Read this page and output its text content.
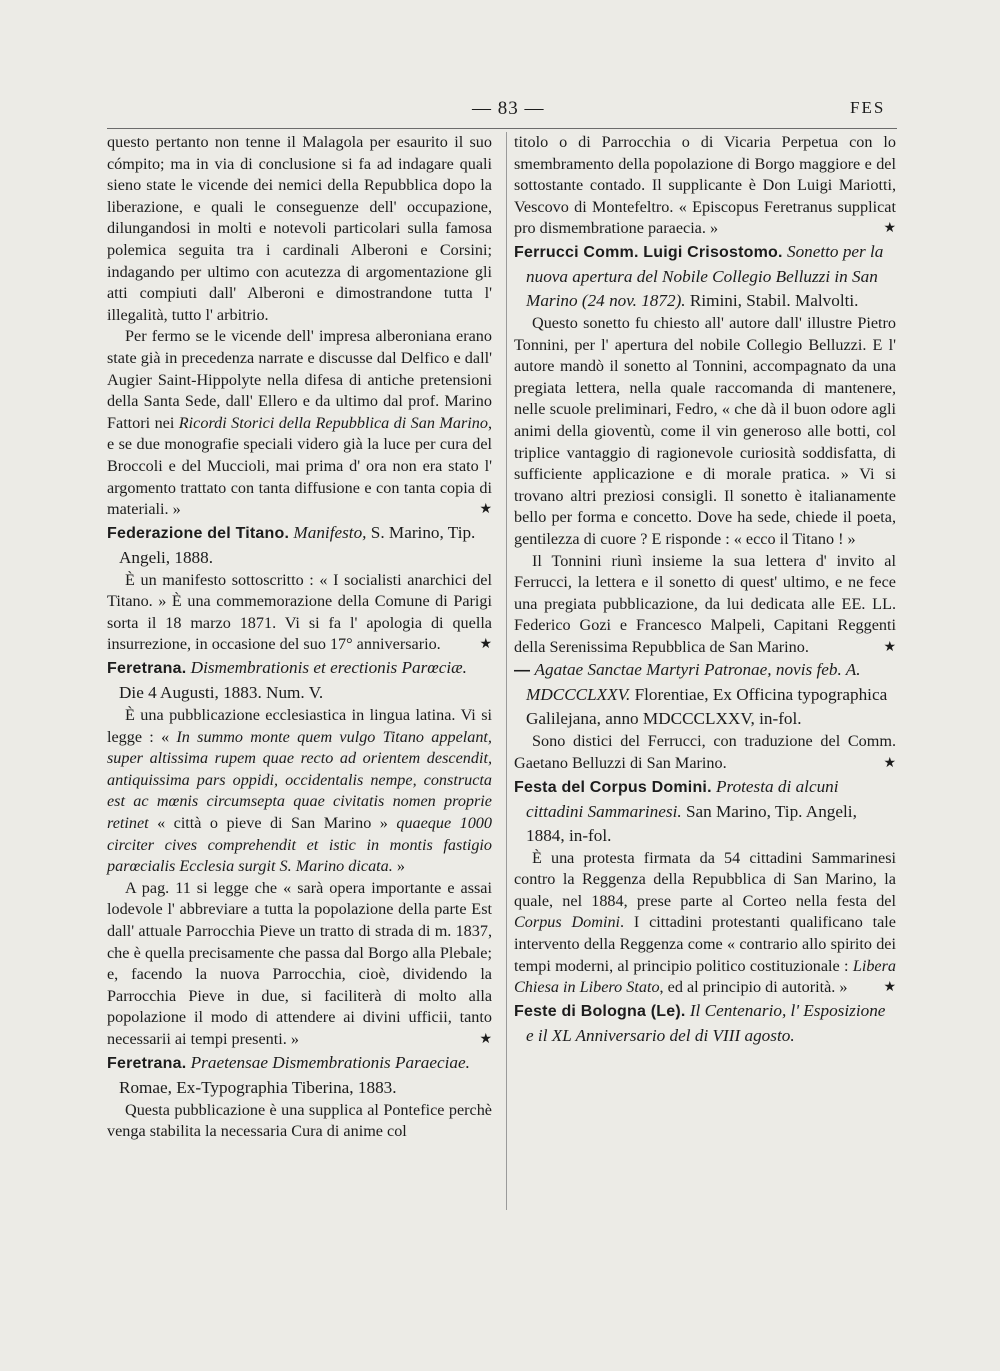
— 83 —	FES

questo pertanto non tenne il Malagola per esaurito il suo cómpito; ma in via di conclusione si fa ad indagare quali sieno state le vicende dei nemici della Repubblica dopo la liberazione, e quali le conseguenze dell' occupazione, dilungandosi in molti e notevoli particolari sulla famosa polemica seguita tra i cardinali Alberoni e Corsini; indagando per ultimo con acutezza di argomentazione gli atti compiuti dall' Alberoni e dimostrandone tutta l' illegalità, tutto l' arbitrio.

Per fermo se le vicende dell' impresa alberoniana erano state già in precedenza narrate e discusse dal Delfico e dall' Augier Saint-Hippolyte nella difesa di antiche pretensioni della Santa Sede, dall' Ellero e da ultimo dal prof. Marino Fattori nei Ricordi Storici della Repubblica di San Marino, e se due monografie speciali videro già la luce per cura del Broccoli e del Muccioli, mai prima d' ora non era stato l' argomento trattato con tanta diffusione e con tanta copia di materiali. »	★

Federazione del Titano. Manifesto, S. Marino, Tip. Angeli, 1888.

È un manifesto sottoscritto : « I socialisti anarchici del Titano. » È una commemorazione della Comune di Parigi sorta il 18 marzo 1871. Vi si fa l' apologia di quella insurrezione, in occasione del suo 17° anniversario.	★

Feretrana. Dismembrationis et erectionis Parœciæ. Die 4 Augusti, 1883. Num. V.

È una pubblicazione ecclesiastica in lingua latina. Vi si legge : « In summo monte quem vulgo Titano appelant, super altissima rupem quae recto ad orientem descendit, antiquissima pars oppidi, occidentalis nempe, constructa est ac mœnis circumsepta quae civitatis nomen proprie retinet « città o pieve di San Marino » quaeque 1000 circiter cives comprehendit et istic in montis fastigio parœcialis Ecclesia surgit S. Marino dicata. »

A pag. 11 si legge che « sarà opera importante e assai lodevole l' abbreviare a tutta la popolazione della parte Est dall' attuale Parrocchia Pieve un tratto di strada di m. 1837, che è quella precisamente che passa dal Borgo alla Plebale; e, facendo la nuova Parrocchia, cioè, dividendo la Parrocchia Pieve in due, si faciliterà di molto alla popolazione il modo di attendere ai divini ufficii, tanto necessarii ai tempi presenti. »	★

Feretrana. Praetensae Dismembrationis Paraeciae. Romae, Ex-Typographia Tiberina, 1883.

Questa pubblicazione è una supplica al Pontefice perchè venga stabilita la necessaria Cura di anime col

titolo o di Parrocchia o di Vicaria Perpetua con lo smembramento della popolazione di Borgo maggiore e del sottostante contado. Il supplicante è Don Luigi Mariotti, Vescovo di Montefeltro. « Episcopus Feretranus supplicat pro dismembratione paraecia. »	★

Ferrucci Comm. Luigi Crisostomo. Sonetto per la nuova apertura del Nobile Collegio Belluzzi in San Marino (24 nov. 1872). Rimini, Stabil. Malvolti.

Questo sonetto fu chiesto all' autore dall' illustre Pietro Tonnini, per l' apertura del nobile Collegio Belluzzi. E l' autore mandò il sonetto al Tonnini, accompagnato da una pregiata lettera, nella quale raccomanda di mantenere, nelle scuole preliminari, Fedro, « che dà il buon odore agli animi della gioventù, come il vin generoso alle botti, col triplice vantaggio di ragionevole curiosità soddisfatta, di sufficiente applicazione e di morale pratica. » Vi si trovano altri preziosi consigli. Il sonetto è italianamente bello per forma e concetto. Dove ha sede, chiede il poeta, gentilezza di cuore ? E risponde : « ecco il Titano ! »

Il Tonnini riunì insieme la sua lettera d' invito al Ferrucci, la lettera e il sonetto di quest' ultimo, e ne fece una pregiata pubblicazione, da lui dedicata alle EE. LL. Federico Gozi e Francesco Malpeli, Capitani Reggenti della Serenissima Repubblica de San Marino.	★

— Agatae Sanctae Martyri Patronae, novis feb. A. MDCCCLXXV. Florentiae, Ex Officina typographica Galilejana, anno MDCCCLXXV, in-fol.

Sono distici del Ferrucci, con traduzione del Comm. Gaetano Belluzzi di San Marino.	★

Festa del Corpus Domini. Protesta di alcuni cittadini Sammarinesi. San Marino, Tip. Angeli, 1884, in-fol.

È una protesta firmata da 54 cittadini Sammarinesi contro la Reggenza della Repubblica di San Marino, la quale, nel 1884, prese parte al Corteo nella festa del Corpus Domini. I cittadini protestanti qualificano tale intervento della Reggenza come « contrario allo spirito dei tempi moderni, al principio politico costituzionale : Libera Chiesa in Libero Stato, ed al principio di autorità. »	★

Feste di Bologna (Le). Il Centenario, l' Esposizione e il XL Anniversario del di VIII agosto.
